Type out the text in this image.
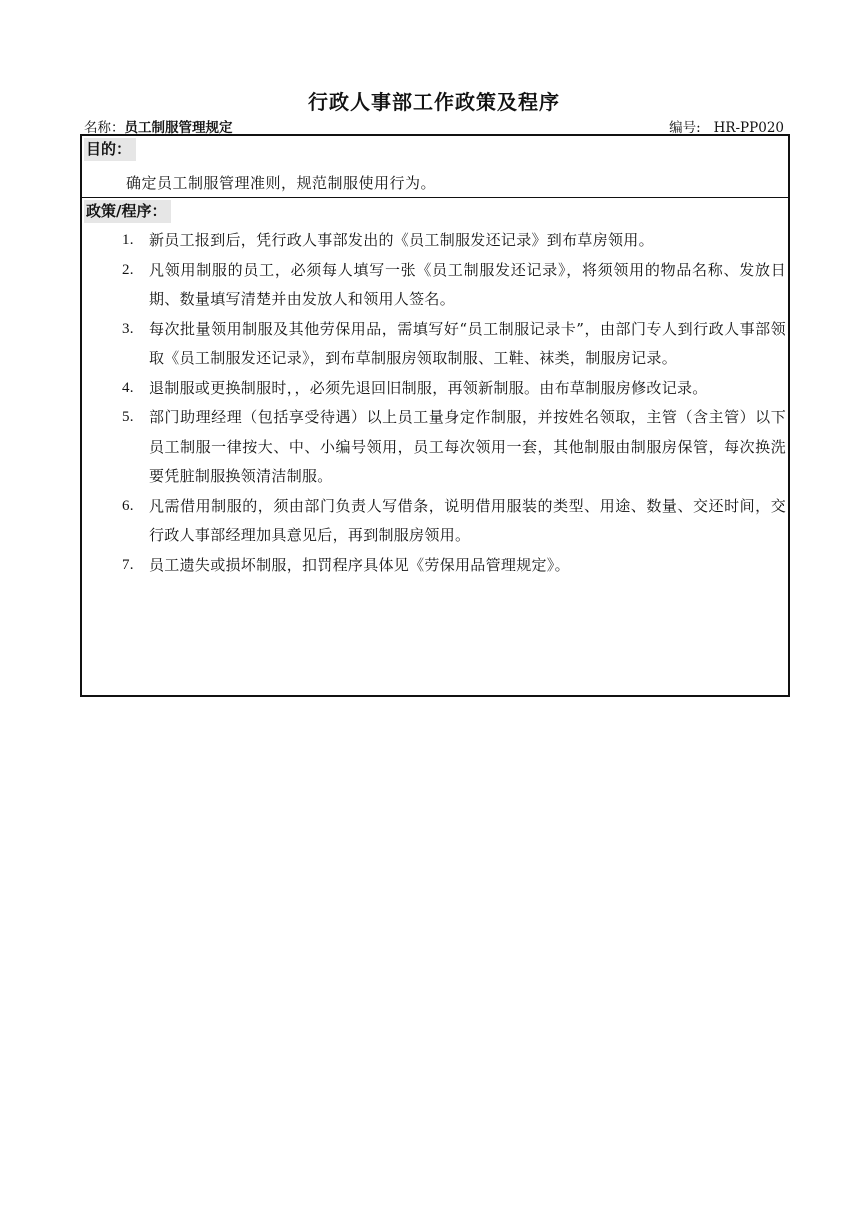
行政人事部工作政策及程序
名称：员工制服管理规定	编号: HR-PP020
目的：
确定员工制服管理准则，规范制服使用行为。
政策/程序：
1. 新员工报到后，凭行政人事部发出的《员工制服发还记录》到布草房领用。
2. 凡领用制服的员工，必须每人填写一张《员工制服发还记录》，将须领用的物品名称、发放日期、数量填写清楚并由发放人和领用人签名。
3. 每次批量领用制服及其他劳保用品，需填写好“员工制服记录卡”，由部门专人到行政人事部领取《员工制服发还记录》，到布草制服房领取制服、工鞋、袜类，制服房记录。
4. 退制服或更换制服时，，必须先退回旧制服，再领新制服。由布草制服房修改记录。
5. 部门助理经理（包括享受待遇）以上员工量身定作制服，并按姓名领取，主管（含主管）以下员工制服一律按大、中、小编号领用，员工每次领用一套，其他制服由制服房保管，每次换洗要凭脏制服换领清洁制服。
6. 凡需借用制服的，须由部门负责人写借条，说明借用服装的类型、用途、数量、交还时间，交行政人事部经理加具意见后，再到制服房领用。
7. 员工遗失或损坏制服，扣罚程序具体见《劳保用品管理规定》。
